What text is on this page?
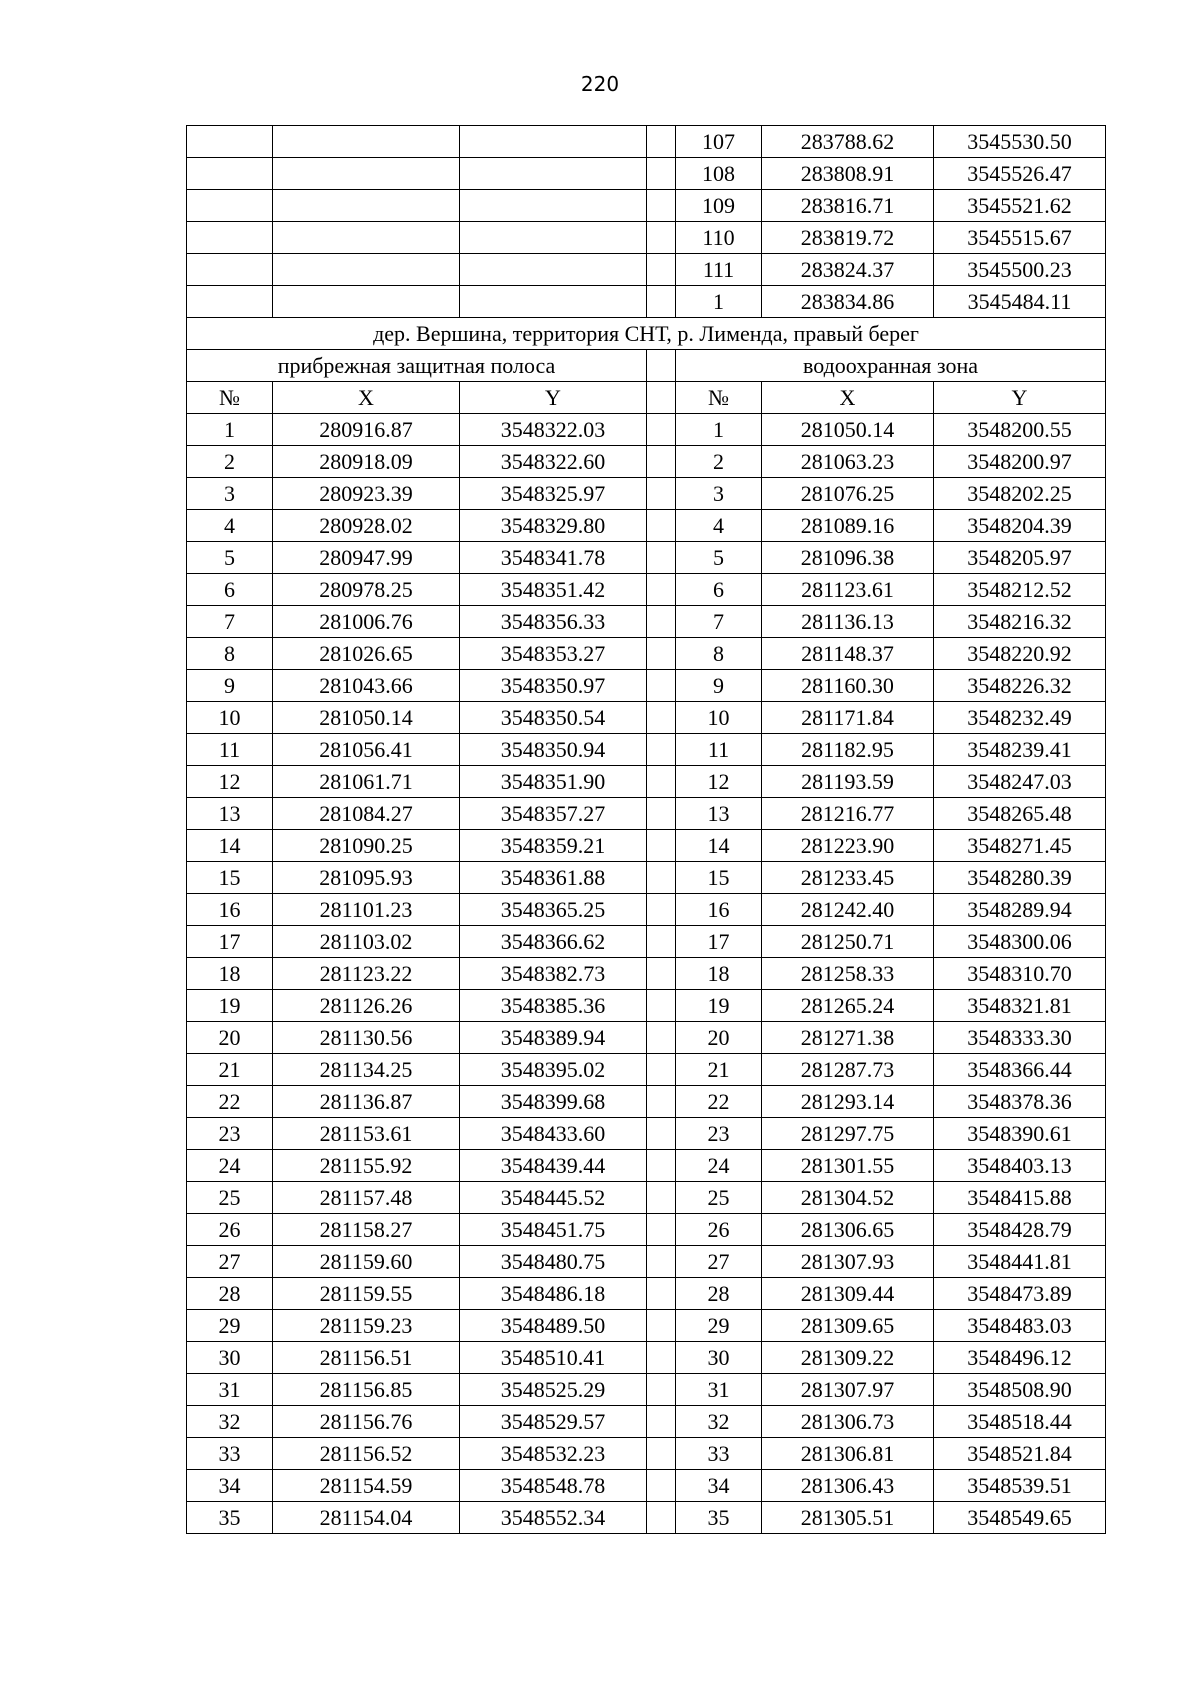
220
				107	283788.62	3545530.50
				108	283808.91	3545526.47
				109	283816.71	3545521.62
				110	283819.72	3545515.67
				111	283824.37	3545500.23
				1	283834.86	3545484.11
дер. Вершина, территория СНТ, р. Лименда, правый берег						
прибрежная защитная полоса				водоохранная зона		
№	X	Y		№	X	Y
1	280916.87	3548322.03		1	281050.14	3548200.55
2	280918.09	3548322.60		2	281063.23	3548200.97
3	280923.39	3548325.97		3	281076.25	3548202.25
4	280928.02	3548329.80		4	281089.16	3548204.39
5	280947.99	3548341.78		5	281096.38	3548205.97
6	280978.25	3548351.42		6	281123.61	3548212.52
7	281006.76	3548356.33		7	281136.13	3548216.32
8	281026.65	3548353.27		8	281148.37	3548220.92
9	281043.66	3548350.97		9	281160.30	3548226.32
10	281050.14	3548350.54		10	281171.84	3548232.49
11	281056.41	3548350.94		11	281182.95	3548239.41
12	281061.71	3548351.90		12	281193.59	3548247.03
13	281084.27	3548357.27		13	281216.77	3548265.48
14	281090.25	3548359.21		14	281223.90	3548271.45
15	281095.93	3548361.88		15	281233.45	3548280.39
16	281101.23	3548365.25		16	281242.40	3548289.94
17	281103.02	3548366.62		17	281250.71	3548300.06
18	281123.22	3548382.73		18	281258.33	3548310.70
19	281126.26	3548385.36		19	281265.24	3548321.81
20	281130.56	3548389.94		20	281271.38	3548333.30
21	281134.25	3548395.02		21	281287.73	3548366.44
22	281136.87	3548399.68		22	281293.14	3548378.36
23	281153.61	3548433.60		23	281297.75	3548390.61
24	281155.92	3548439.44		24	281301.55	3548403.13
25	281157.48	3548445.52		25	281304.52	3548415.88
26	281158.27	3548451.75		26	281306.65	3548428.79
27	281159.60	3548480.75		27	281307.93	3548441.81
28	281159.55	3548486.18		28	281309.44	3548473.89
29	281159.23	3548489.50		29	281309.65	3548483.03
30	281156.51	3548510.41		30	281309.22	3548496.12
31	281156.85	3548525.29		31	281307.97	3548508.90
32	281156.76	3548529.57		32	281306.73	3548518.44
33	281156.52	3548532.23		33	281306.81	3548521.84
34	281154.59	3548548.78		34	281306.43	3548539.51
35	281154.04	3548552.34		35	281305.51	3548549.65
